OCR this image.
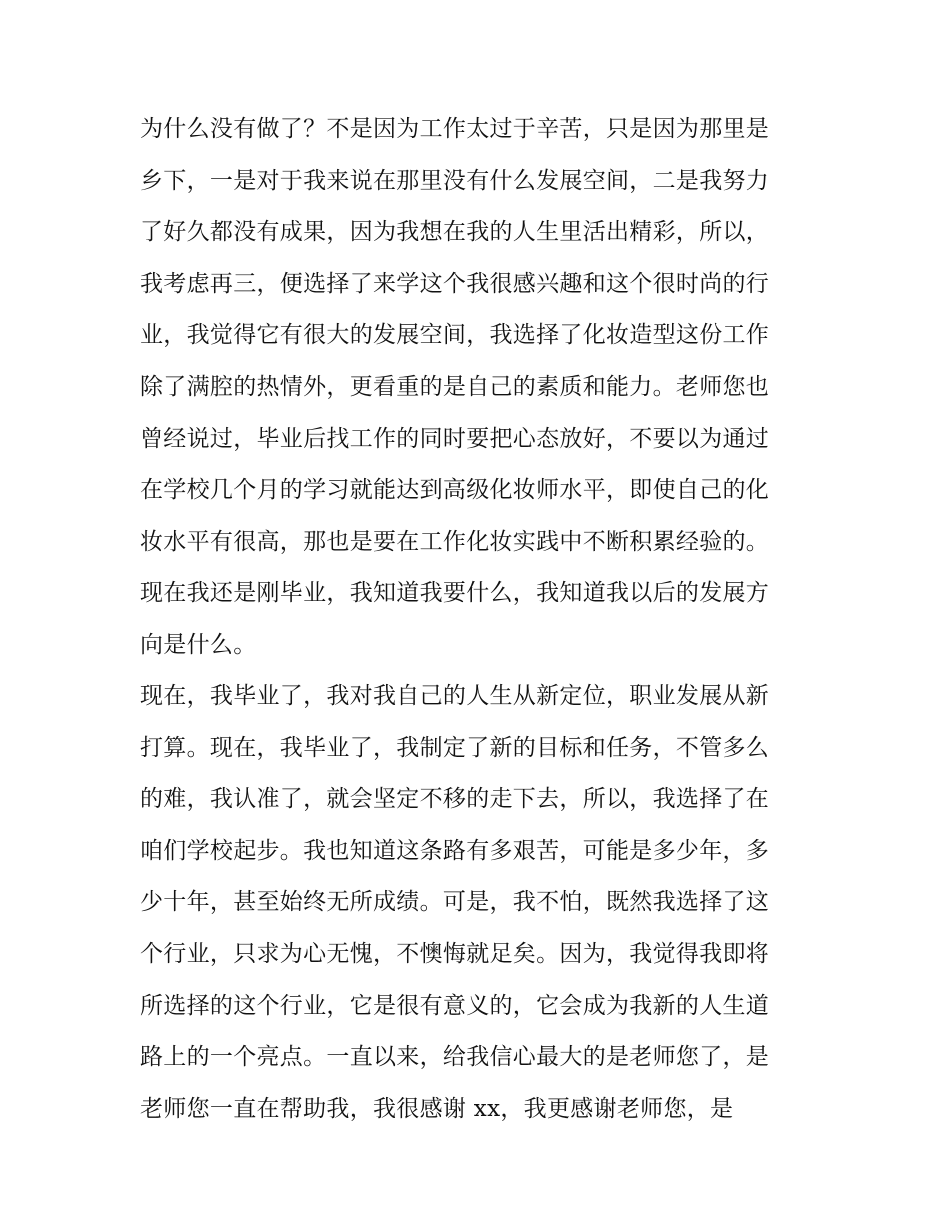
为什么没有做了？不是因为工作太过于辛苦，只是因为那里是
乡下，一是对于我来说在那里没有什么发展空间，二是我努力
了好久都没有成果，因为我想在我的人生里活出精彩，所以，
我考虑再三，便选择了来学这个我很感兴趣和这个很时尚的行
业，我觉得它有很大的发展空间，我选择了化妆造型这份工作
除了满腔的热情外，更看重的是自己的素质和能力。老师您也
曾经说过，毕业后找工作的同时要把心态放好，不要以为通过
在学校几个月的学习就能达到高级化妆师水平，即使自己的化
妆水平有很高，那也是要在工作化妆实践中不断积累经验的。
现在我还是刚毕业，我知道我要什么，我知道我以后的发展方
向是什么。
现在，我毕业了，我对我自己的人生从新定位，职业发展从新
打算。现在，我毕业了，我制定了新的目标和任务，不管多么
的难，我认准了，就会坚定不移的走下去，所以，我选择了在
咱们学校起步。我也知道这条路有多艰苦，可能是多少年，多
少十年，甚至始终无所成绩。可是，我不怕，既然我选择了这
个行业，只求为心无愧，不懊悔就足矣。因为，我觉得我即将
所选择的这个行业，它是很有意义的，它会成为我新的人生道
路上的一个亮点。一直以来，给我信心最大的是老师您了，是
老师您一直在帮助我，我很感谢 xx，我更感谢老师您，是
